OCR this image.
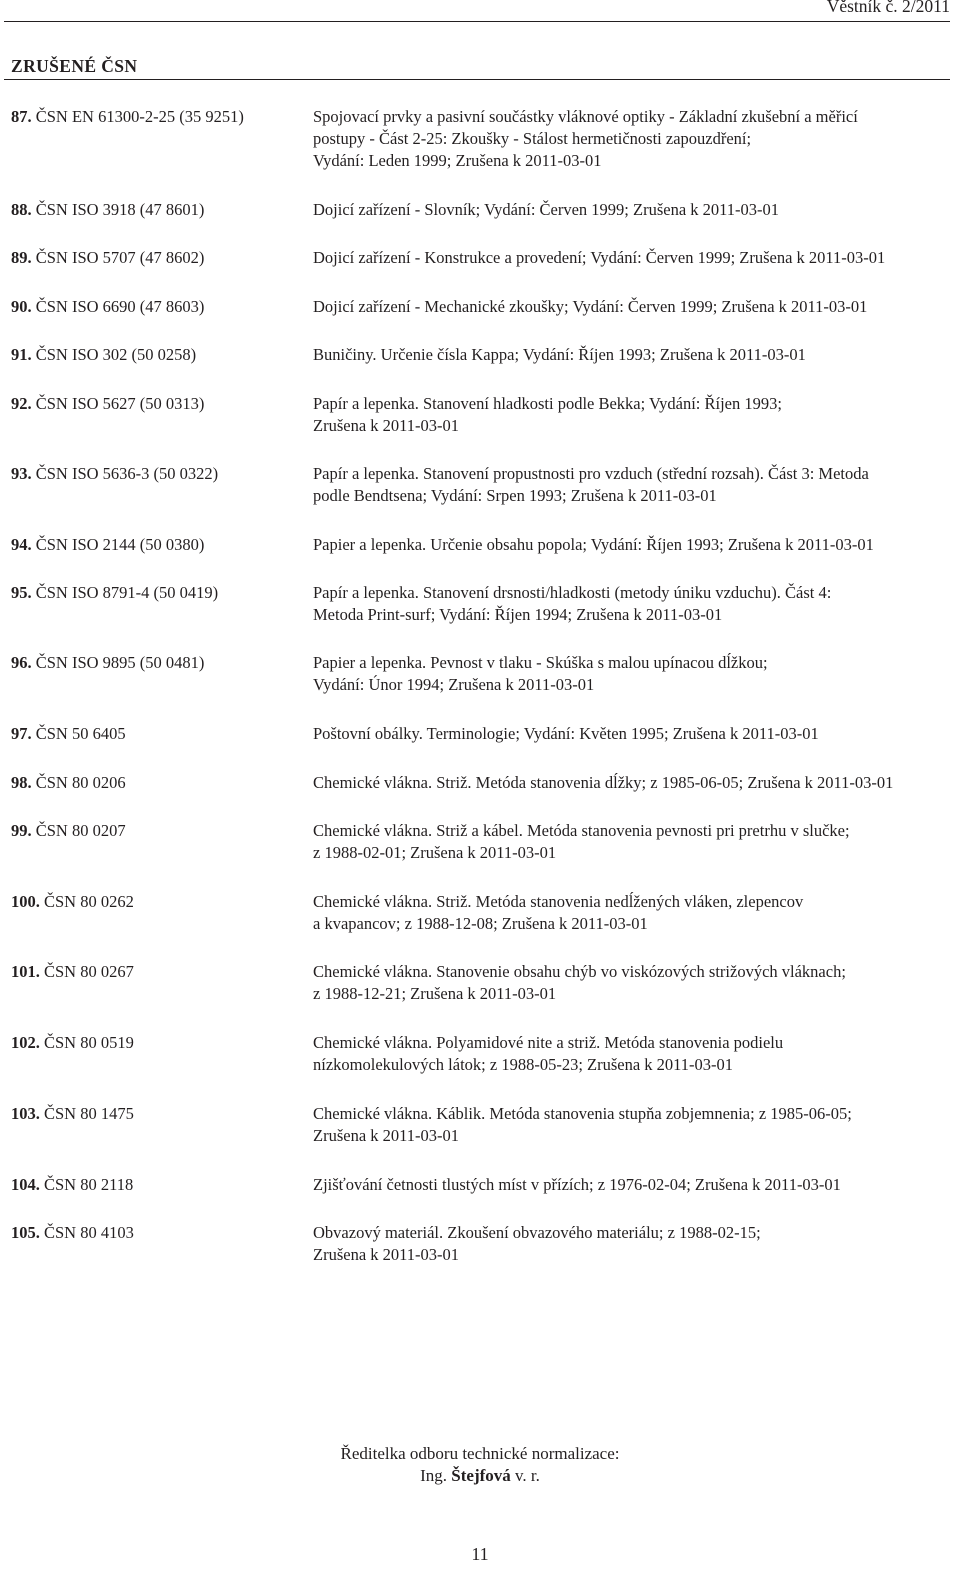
Věstník č. 2/2011
ZRUŠENÉ ČSN
87. ČSN EN 61300-2-25 (35 9251)	Spojovací prvky a pasivní součástky vláknové optiky - Základní zkušební a měřicí
postupy - Část 2-25: Zkoušky - Stálost hermetičnosti zapouzdření;
Vydání: Leden 1999; Zrušena k 2011-03-01
88. ČSN ISO 3918 (47 8601)	Dojicí zařízení - Slovník; Vydání: Červen 1999; Zrušena k 2011-03-01
89. ČSN ISO 5707 (47 8602)	Dojicí zařízení - Konstrukce a provedení; Vydání: Červen 1999; Zrušena k 2011-03-01
90. ČSN ISO 6690 (47 8603)	Dojicí zařízení - Mechanické zkoušky; Vydání: Červen 1999; Zrušena k 2011-03-01
91. ČSN ISO 302 (50 0258)	Buničiny. Určenie čísla Kappa; Vydání: Říjen 1993; Zrušena k 2011-03-01
92. ČSN ISO 5627 (50 0313)	Papír a lepenka. Stanovení hladkosti podle Bekka; Vydání: Říjen 1993;
Zrušena k 2011-03-01
93. ČSN ISO 5636-3 (50 0322)	Papír a lepenka. Stanovení propustnosti pro vzduch (střední rozsah). Část 3: Metoda
podle Bendtsena; Vydání: Srpen 1993; Zrušena k 2011-03-01
94. ČSN ISO 2144 (50 0380)	Papier a lepenka. Určenie obsahu popola; Vydání: Říjen 1993; Zrušena k 2011-03-01
95. ČSN ISO 8791-4 (50 0419)	Papír a lepenka. Stanovení drsnosti/hladkosti (metody úniku vzduchu). Část 4:
Metoda Print-surf; Vydání: Říjen 1994; Zrušena k 2011-03-01
96. ČSN ISO 9895 (50 0481)	Papier a lepenka. Pevnost v tlaku - Skúška s malou upínacou dĺžkou;
Vydání: Únor 1994; Zrušena k 2011-03-01
97. ČSN 50 6405	Poštovní obálky. Terminologie; Vydání: Květen 1995; Zrušena k 2011-03-01
98. ČSN 80 0206	Chemické vlákna. Striž. Metóda stanovenia dĺžky; z 1985-06-05; Zrušena k 2011-03-01
99. ČSN 80 0207	Chemické vlákna. Striž a kábel. Metóda stanovenia pevnosti pri pretrhu v slučke;
z 1988-02-01; Zrušena k 2011-03-01
100. ČSN 80 0262	Chemické vlákna. Striž. Metóda stanovenia nedĺžených vláken, zlepencov
a kvapancov; z 1988-12-08; Zrušena k 2011-03-01
101. ČSN 80 0267	Chemické vlákna. Stanovenie obsahu chýb vo viskózových strižových vláknach;
z 1988-12-21; Zrušena k 2011-03-01
102. ČSN 80 0519	Chemické vlákna. Polyamidové nite a striž. Metóda stanovenia podielu
nízkomolekulových látok; z 1988-05-23; Zrušena k 2011-03-01
103. ČSN 80 1475	Chemické vlákna. Káblik. Metóda stanovenia stupňa zobjemnenia; z 1985-06-05;
Zrušena k 2011-03-01
104. ČSN 80 2118	Zjišťování četnosti tlustých míst v přízích; z 1976-02-04; Zrušena k 2011-03-01
105. ČSN 80 4103	Obvazový materiál. Zkoušení obvazového materiálu; z 1988-02-15;
Zrušena k 2011-03-01
Ředitelka odboru technické normalizace:
Ing. Štejfová v. r.
11
